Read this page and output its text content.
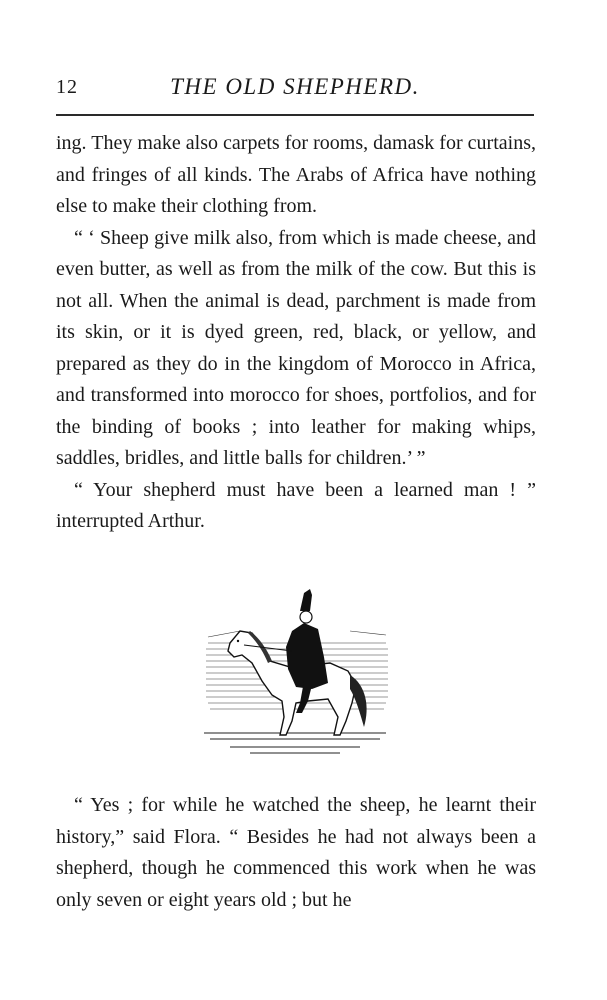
12	THE OLD SHEPHERD.

ing. They make also carpets for rooms, damask for curtains, and fringes of all kinds. The Arabs of Africa have nothing else to make their clothing from.

“ ‘ Sheep give milk also, from which is made cheese, and even butter, as well as from the milk of the cow. But this is not all. When the animal is dead, parchment is made from its skin, or it is dyed green, red, black, or yellow, and prepared as they do in the kingdom of Morocco in Africa, and transformed into morocco for shoes, portfolios, and for the binding of books ; into leather for making whips, saddles, bridles, and little balls for children.’ ”

“ Your shepherd must have been a learned man ! ” interrupted Arthur.

“ Yes ; for while he watched the sheep, he learnt their history,” said Flora. “ Besides he had not always been a shepherd, though he commenced this work when he was only seven or eight years old ; but he
